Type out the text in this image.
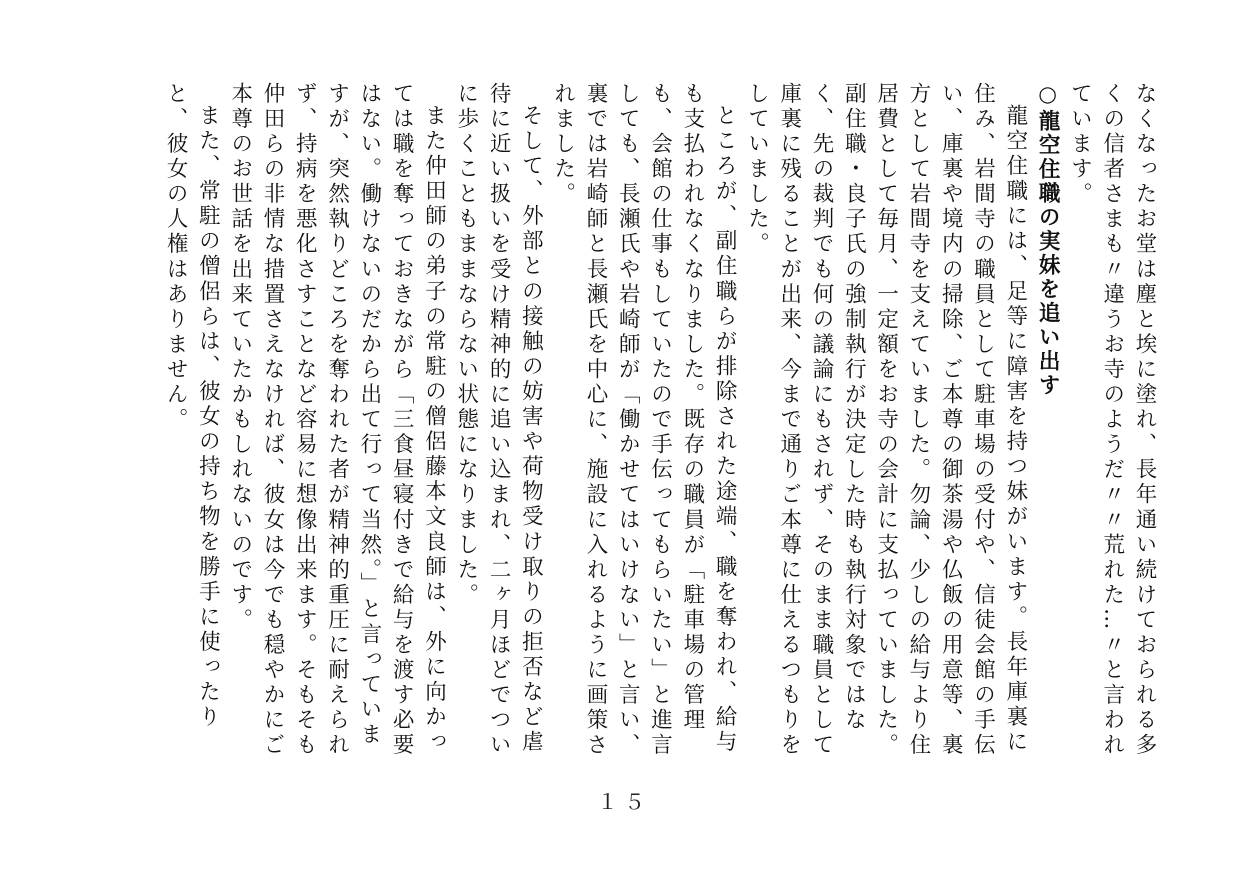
なくなったお堂は塵と埃に塗れ、長年通い続けておられる多くの信者さまも〃違うお寺のようだ〃〃荒れた…〃と言われています。

○龍空住職の実妹を追い出す

龍空住職には、足等に障害を持つ妹がいます。長年庫裏に住み、岩間寺の職員として駐車場の受付や、信徒会館の手伝い、庫裏や境内の掃除、ご本尊の御茶湯や仏飯の用意等、裏方として岩間寺を支えていました。勿論、少しの給与より住居費として毎月、一定額をお寺の会計に支払っていました。副住職・良子氏の強制執行が決定した時も執行対象ではなく、先の裁判でも何の議論にもされず、そのまま職員として庫裏に残ることが出来、今まで通りご本尊に仕えるつもりをしていました。

ところが、副住職らが排除された途端、職を奪われ、給与も支払われなくなりました。既存の職員が「駐車場の管理も、会館の仕事もしていたので手伝ってもらいたい」と進言しても、長瀬氏や岩崎師が「働かせてはいけない」と言い、裏では岩崎師と長瀬氏を中心に、施設に入れるように画策されました。

そして、外部との接触の妨害や荷物受け取りの拒否など虐待に近い扱いを受け精神的に追い込まれ、二ヶ月ほどでついに歩くこともままならない状態になりました。

また仲田師の弟子の常駐の僧侶藤本文良師は、外に向かっては職を奪っておきながら「三食昼寝付きで給与を渡す必要はない。働けないのだから出て行って当然。」と言っていますが、突然執りどころを奪われた者が精神的重圧に耐えられず、持病を悪化さすことなど容易に想像出来ます。そもそも仲田らの非情な措置さえなければ、彼女は今でも穏やかにご本尊のお世話を出来ていたかもしれないのです。

また、常駐の僧侶らは、彼女の持ち物を勝手に使ったりと、彼女の人権はありません。

１５
